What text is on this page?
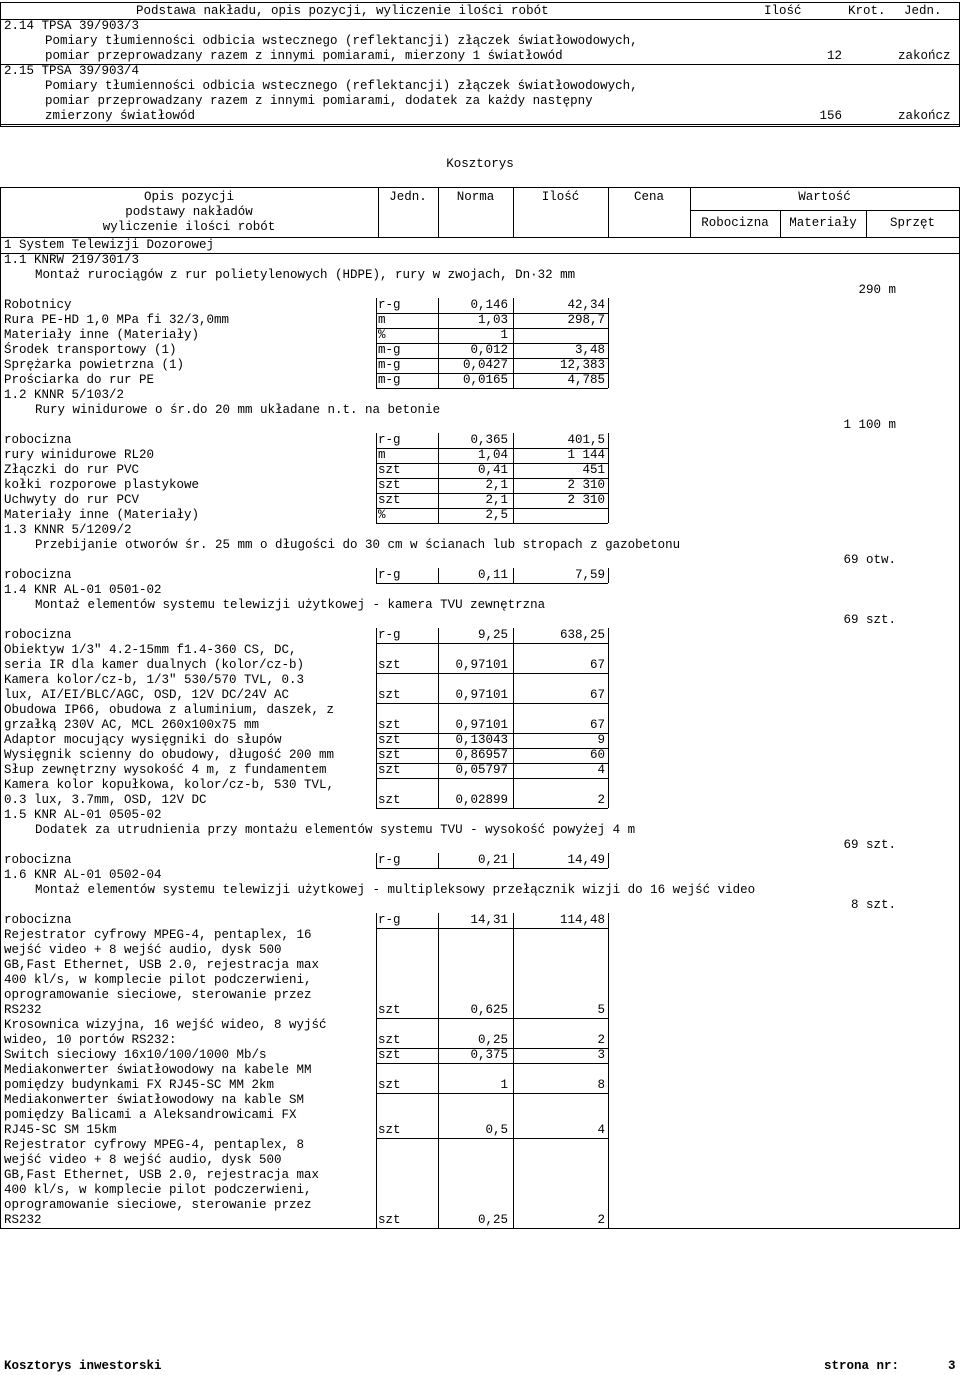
Podstawa nakładu, opis pozycji, wyliczenie ilości robót	Ilość	Krot. Jedn.
2.14 TPSA 39/903/3
Pomiary tłumienności odbicia wstecznego (reflektancji) złączek światłowodowych,
pomiar przeprowadzany razem z innymi pomiarami, mierzony 1 światłowód	12	zakończ
2.15 TPSA 39/903/4
Pomiary tłumienności odbicia wstecznego (reflektancji) złączek światłowodowych,
pomiar przeprowadzany razem z innymi pomiarami, dodatek za każdy następny
zmierzony światłowód	156	zakończ
Kosztorys
Opis pozycji
podstawy nakładów
wyliczenie ilości robót
Jedn.	Norma	Ilość	Cena	Wartość
Robocizna	Materiały	Sprzęt
1 System Telewizji Dozorowej
1.1 KNRW 219/301/3
Montaż rurociągów z rur polietylenowych (HDPE), rury w zwojach, Dn·32 mm
290 m
Robotnicy	r-g	0,146	42,34
Rura PE-HD 1,0 MPa fi 32/3,0mm	m	1,03	298,7
Materiały inne (Materiały)	%	1
Środek transportowy (1)	m-g	0,012	3,48
Sprężarka powietrzna (1)	m-g	0,0427	12,383
Prościarka do rur PE	m-g	0,0165	4,785
1.2 KNNR 5/103/2
Rury winidurowe o śr.do 20 mm układane n.t. na betonie
1 100 m
robocizna	r-g	0,365	401,5
rury winidurowe RL20	m	1,04	1 144
Złączki do rur PVC	szt	0,41	451
kołki rozporowe plastykowe	szt	2,1	2 310
Uchwyty do rur PCV	szt	2,1	2 310
Materiały inne (Materiały)	%	2,5
1.3 KNNR 5/1209/2
Przebijanie otworów śr. 25 mm o długości do 30 cm w ścianach lub stropach z gazobetonu
69 otw.
robocizna	r-g	0,11	7,59
1.4 KNR AL-01 0501-02
Montaż elementów systemu telewizji użytkowej - kamera TVU zewnętrzna
69 szt.
robocizna	r-g	9,25	638,25
Obiektyw 1/3" 4.2-15mm f1.4-360 CS, DC,
seria IR dla kamer dualnych (kolor/cz-b)	szt	0,97101	67
Kamera kolor/cz-b, 1/3" 530/570 TVL, 0.3
lux, AI/EI/BLC/AGC, OSD, 12V DC/24V AC	szt	0,97101	67
Obudowa IP66, obudowa z aluminium, daszek, z
grzałką 230V AC, MCL 260x100x75 mm	szt	0,97101	67
Adaptor mocujący wysięgniki do słupów	szt	0,13043	9
Wysięgnik scienny do obudowy, długość 200 mm	szt	0,86957	60
Słup zewnętrzny wysokość 4 m, z fundamentem	szt	0,05797	4
Kamera kolor kopułkowa, kolor/cz-b, 530 TVL,
0.3 lux, 3.7mm, OSD, 12V DC	szt	0,02899	2
1.5 KNR AL-01 0505-02
Dodatek za utrudnienia przy montażu elementów systemu TVU - wysokość powyżej 4 m
69 szt.
robocizna	r-g	0,21	14,49
1.6 KNR AL-01 0502-04
Montaż elementów systemu telewizji użytkowej - multipleksowy przełącznik wizji do 16 wejść video
8 szt.
robocizna	r-g	14,31	114,48
Rejestrator cyfrowy MPEG-4, pentaplex, 16
wejść video + 8 wejść audio, dysk 500
GB,Fast Ethernet, USB 2.0, rejestracja max
400 kl/s, w komplecie pilot podczerwieni,
oprogramowanie sieciowe, sterowanie przez
RS232	szt	0,625	5
Krosownica wizyjna, 16 wejść wideo, 8 wyjść
wideo, 10 portów RS232:	szt	0,25	2
Switch sieciowy 16x10/100/1000 Mb/s	szt	0,375	3
Mediakonwerter światłowodowy na kabele MM
pomiędzy budynkami FX RJ45-SC MM 2km	szt	1	8
Mediakonwerter światłowodowy na kable SM
pomiędzy Balicami a Aleksandrowicami FX
RJ45-SC SM 15km	szt	0,5	4
Rejestrator cyfrowy MPEG-4, pentaplex, 8
wejść video + 8 wejść audio, dysk 500
GB,Fast Ethernet, USB 2.0, rejestracja max
400 kl/s, w komplecie pilot podczerwieni,
oprogramowanie sieciowe, sterowanie przez
RS232	szt	0,25	2
Kosztorys inwestorski	strona nr:	3
